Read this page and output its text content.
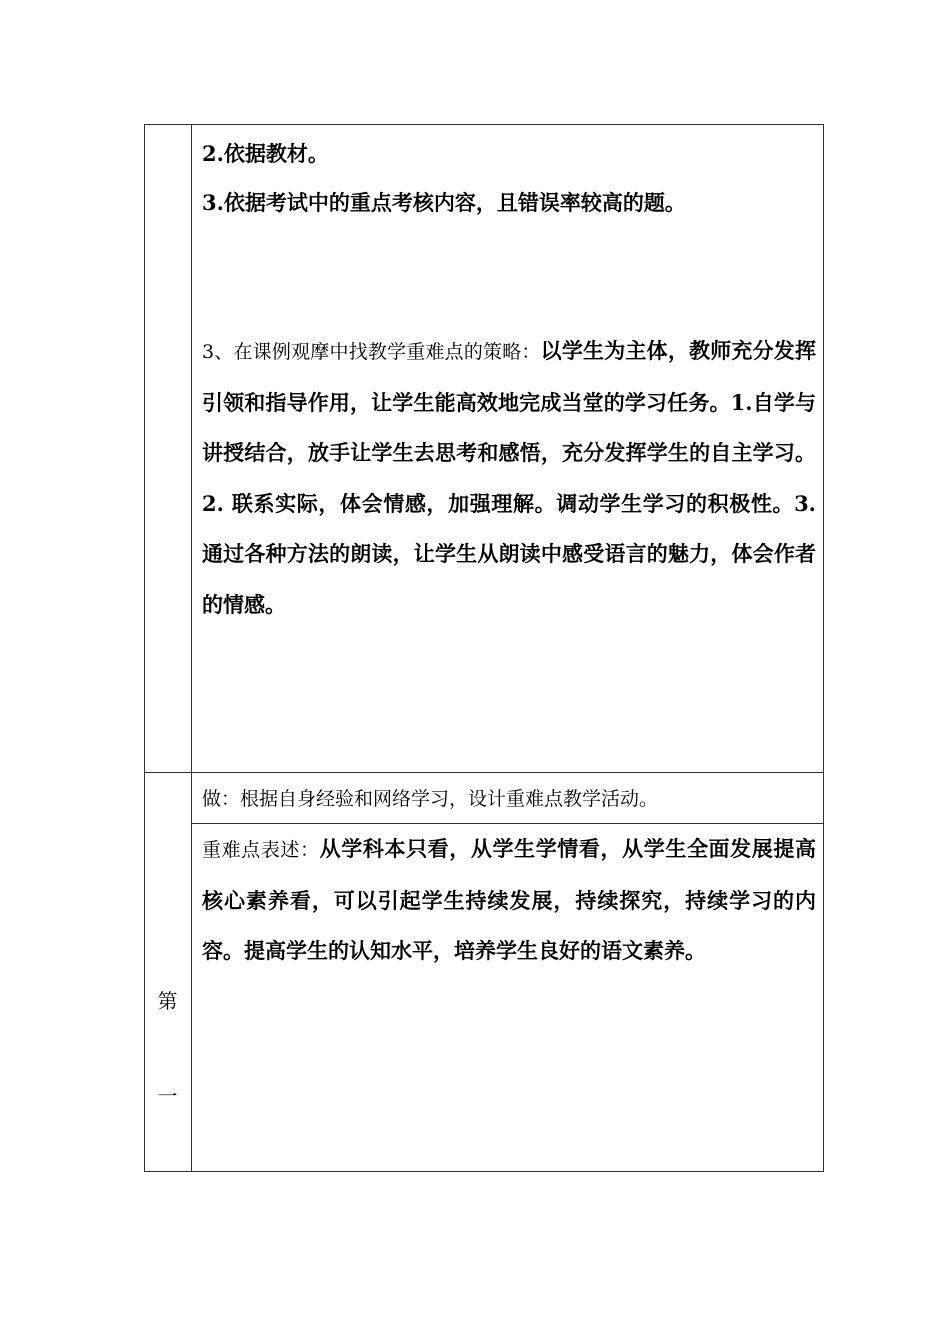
2.依据教材。
3.依据考试中的重点考核内容，且错误率较高的题。
3、在课例观摩中找教学重难点的策略：以学生为主体，教师充分发挥引领和指导作用，让学生能高效地完成当堂的学习任务。1.自学与讲授结合，放手让学生去思考和感悟，充分发挥学生的自主学习。2. 联系实际，体会情感，加强理解。调动学生学习的积极性。3.通过各种方法的朗读，让学生从朗读中感受语言的魅力，体会作者的情感。
做：根据自身经验和网络学习，设计重难点教学活动。
重难点表述：从学科本只看，从学生学情看，从学生全面发展提高核心素养看，可以引起学生持续发展，持续探究，持续学习的内容。提高学生的认知水平，培养学生良好的语文素养。
第
一
